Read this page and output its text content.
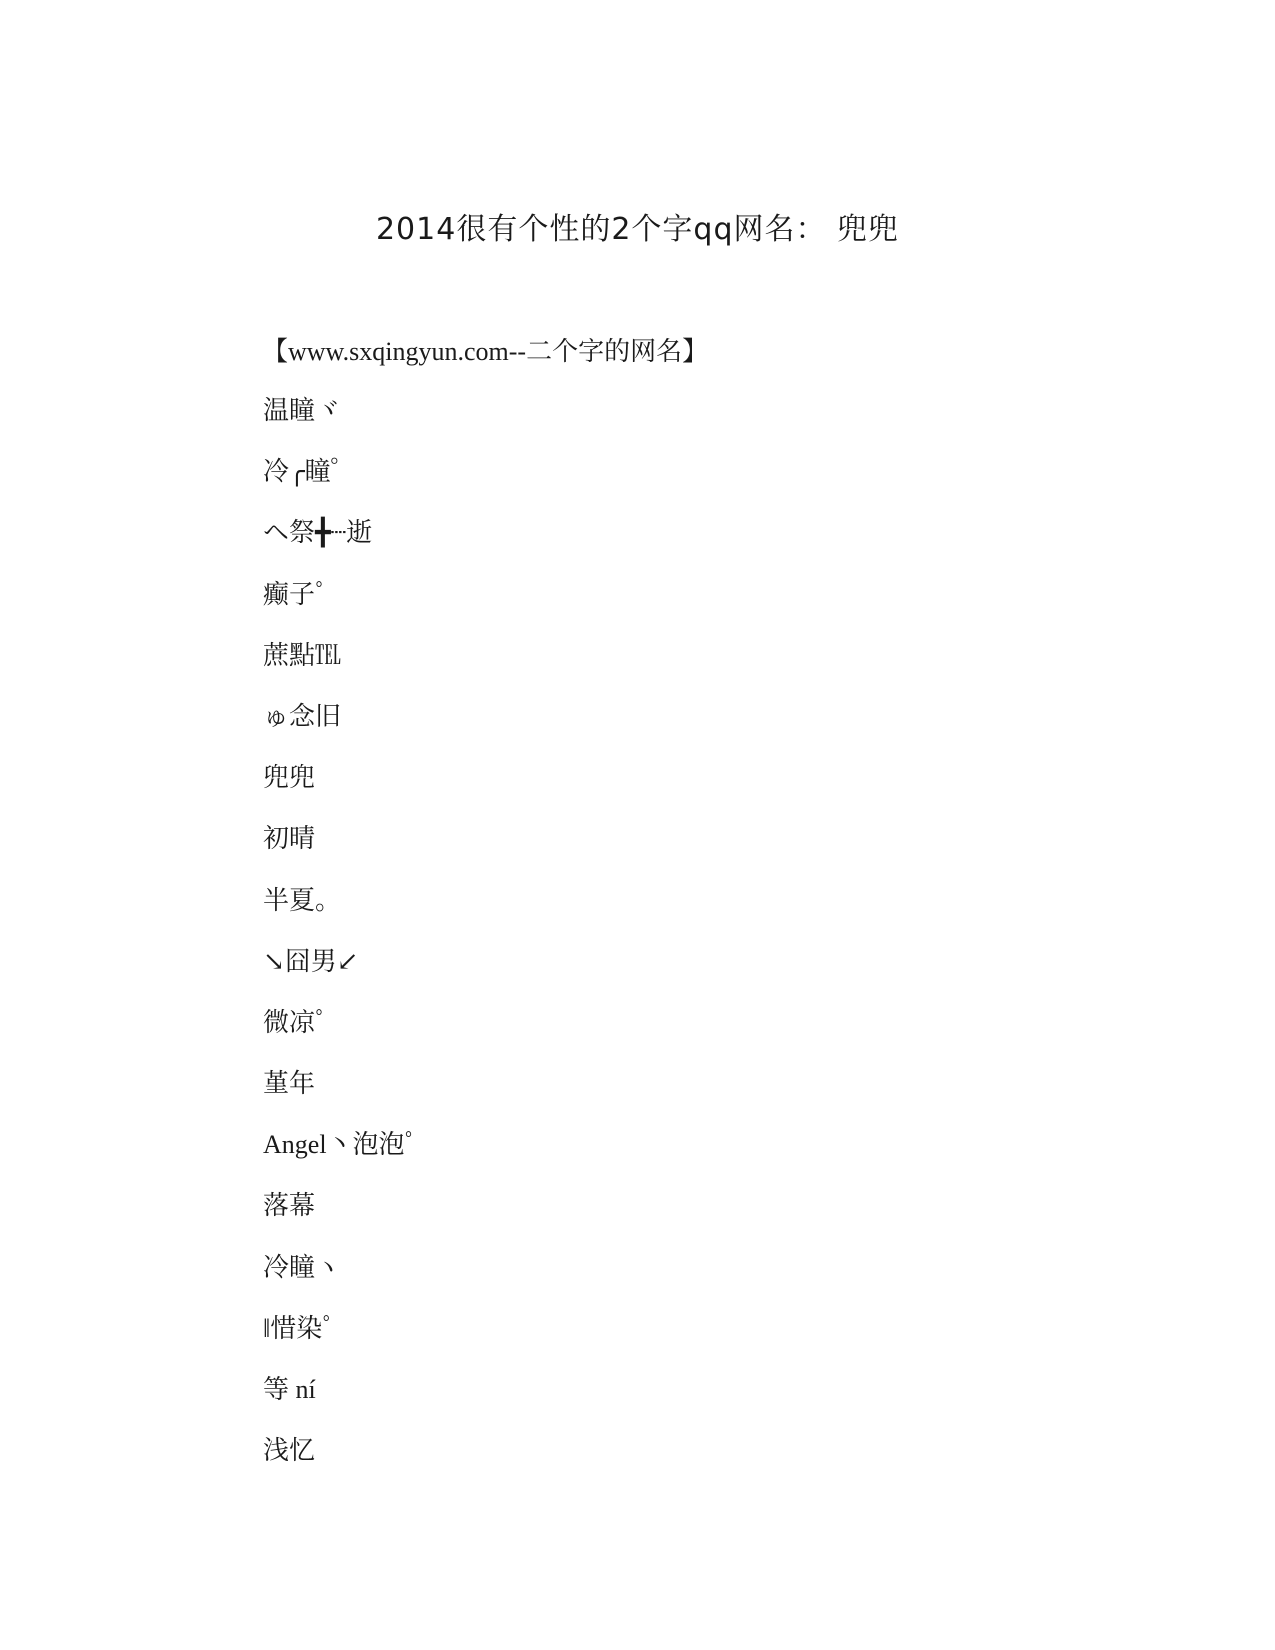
2014很有个性的2个字qq网名： 兜兜

【www.sxqingyun.com--二个字的网名】

温瞳ヾ
冷╭瞳゜
ヘ祭╋┈逝
癫子ﾟ
蔗點℡
ゅ念旧
兜兜
初晴
半夏。
↘囧男↙
微凉ﾟ
堇年
Angel丶泡泡ﾟ
落幕
冷瞳ヽ
‖惜染ﾟ
等 ní
浅忆
